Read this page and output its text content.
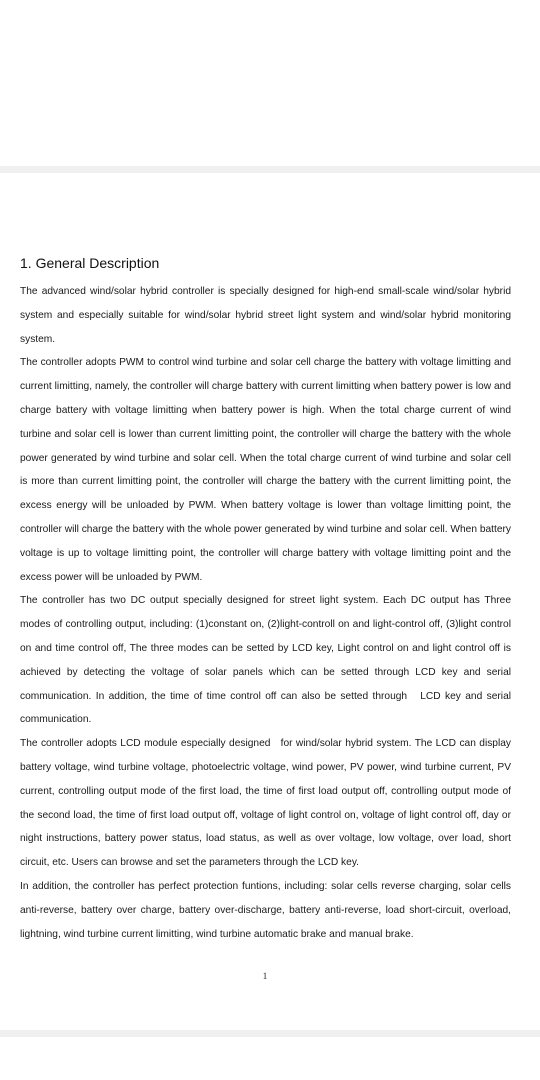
1. General Description

The advanced wind/solar hybrid controller is specially designed for high-end small-scale wind/solar hybrid system and especially suitable for wind/solar hybrid street light system and wind/solar hybrid monitoring system.

The controller adopts PWM to control wind turbine and solar cell charge the battery with voltage limitting and current limitting, namely, the controller will charge battery with current limitting when battery power is low and charge battery with voltage limitting when battery power is high. When the total charge current of wind turbine and solar cell is lower than current limitting point, the controller will charge the battery with the whole power generated by wind turbine and solar cell. When the total charge current of wind turbine and solar cell is more than current limitting point, the controller will charge the battery with the current limitting point, the excess energy will be unloaded by PWM. When battery voltage is lower than voltage limitting point, the controller will charge the battery with the whole power generated by wind turbine and solar cell. When battery voltage is up to voltage limitting point, the controller will charge battery with voltage limitting point and the excess power will be unloaded by PWM.

The controller has two DC output specially designed for street light system. Each DC output has Three modes of controlling output, including: (1)constant on, (2)light-controll on and light-control off, (3)light control on and time control off, The three modes can be setted by LCD key, Light control on and light control off is achieved by detecting the voltage of solar panels which can be setted through LCD key and serial communication. In addition, the time of time control off can also be setted through   LCD key and serial communication.

The controller adopts LCD module especially designed   for wind/solar hybrid system. The LCD can display battery voltage, wind turbine voltage, photoelectric voltage, wind power, PV power, wind turbine current, PV current, controlling output mode of the first load, the time of first load output off, controlling output mode of the second load, the time of first load output off, voltage of light control on, voltage of light control off, day or night instructions, battery power status, load status, as well as over voltage, low voltage, over load, short circuit, etc. Users can browse and set the parameters through the LCD key.

In addition, the controller has perfect protection funtions, including: solar cells reverse charging, solar cells anti-reverse, battery over charge, battery over-discharge, battery anti-reverse, load short-circuit, overload, lightning, wind turbine current limitting, wind turbine automatic brake and manual brake.

1
